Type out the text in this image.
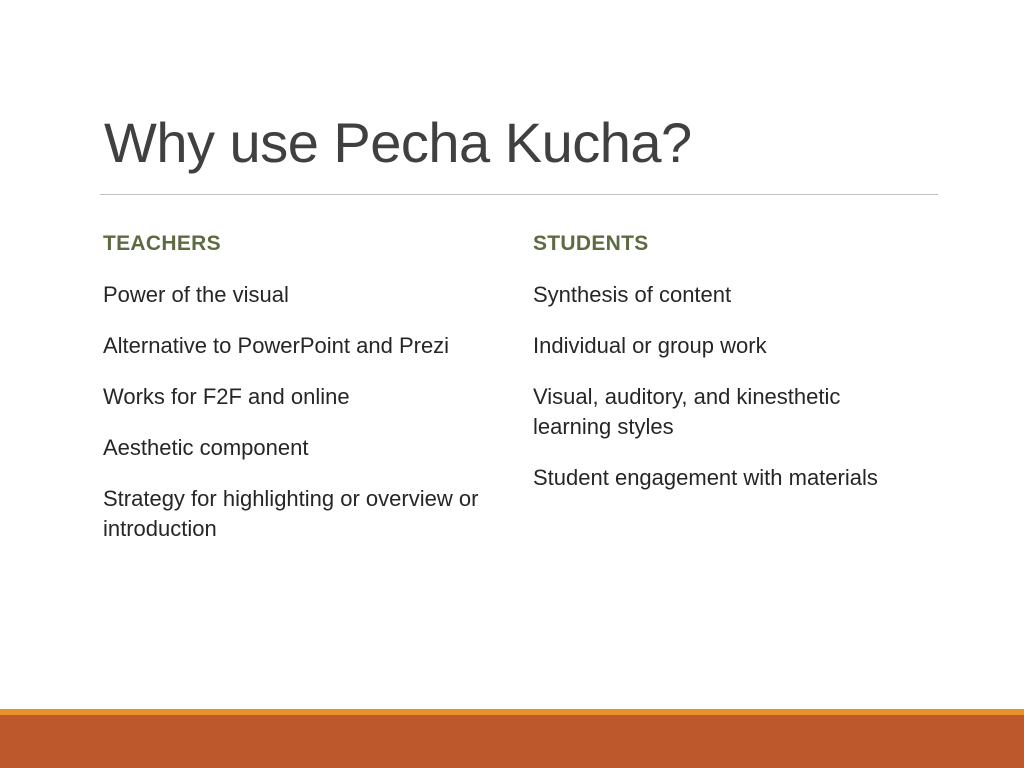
Why use Pecha Kucha?
TEACHERS
Power of the visual
Alternative to PowerPoint and Prezi
Works for F2F and online
Aesthetic component
Strategy for highlighting or overview or introduction
STUDENTS
Synthesis of content
Individual or group work
Visual, auditory, and kinesthetic learning styles
Student engagement with materials
